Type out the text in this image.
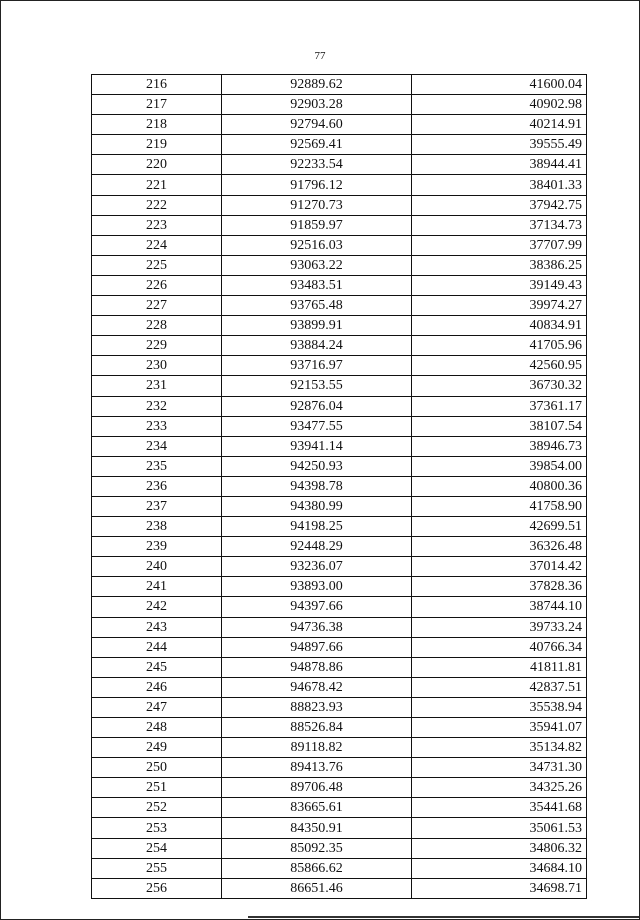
77
216	92889.62	41600.04
217	92903.28	40902.98
218	92794.60	40214.91
219	92569.41	39555.49
220	92233.54	38944.41
221	91796.12	38401.33
222	91270.73	37942.75
223	91859.97	37134.73
224	92516.03	37707.99
225	93063.22	38386.25
226	93483.51	39149.43
227	93765.48	39974.27
228	93899.91	40834.91
229	93884.24	41705.96
230	93716.97	42560.95
231	92153.55	36730.32
232	92876.04	37361.17
233	93477.55	38107.54
234	93941.14	38946.73
235	94250.93	39854.00
236	94398.78	40800.36
237	94380.99	41758.90
238	94198.25	42699.51
239	92448.29	36326.48
240	93236.07	37014.42
241	93893.00	37828.36
242	94397.66	38744.10
243	94736.38	39733.24
244	94897.66	40766.34
245	94878.86	41811.81
246	94678.42	42837.51
247	88823.93	35538.94
248	88526.84	35941.07
249	89118.82	35134.82
250	89413.76	34731.30
251	89706.48	34325.26
252	83665.61	35441.68
253	84350.91	35061.53
254	85092.35	34806.32
255	85866.62	34684.10
256	86651.46	34698.71
